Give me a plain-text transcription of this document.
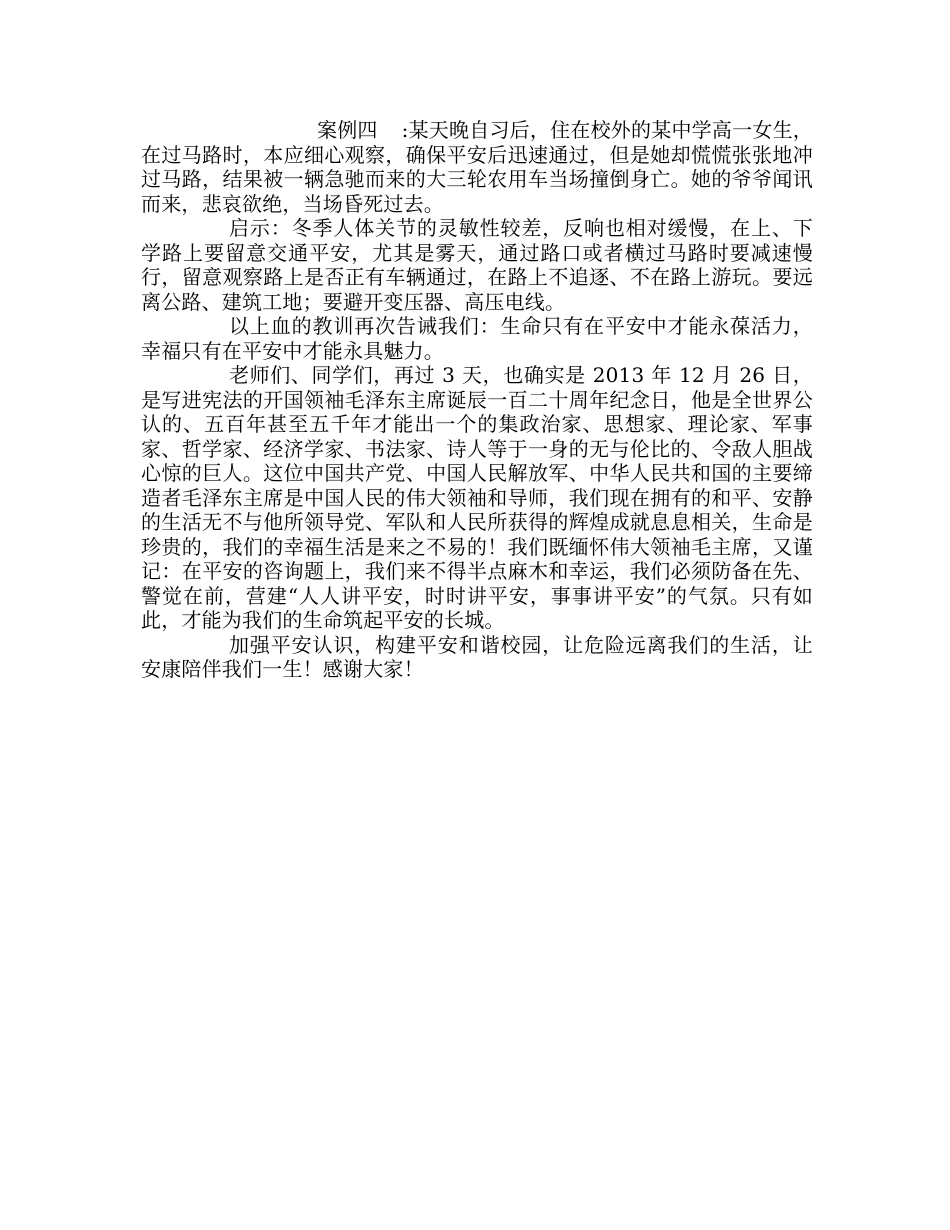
案例四 :某天晚自习后，住在校外的某中学高一女生，在过马路时，本应细心观察，确保平安后迅速通过，但是她却慌慌张张地冲过马路，结果被一辆急驰而来的大三轮农用车当场撞倒身亡。她的爷爷闻讯而来，悲哀欲绝，当场昏死过去。

启示：冬季人体关节的灵敏性较差，反响也相对缓慢，在上、下学路上要留意交通平安，尤其是雾天，通过路口或者横过马路时要减速慢行，留意观察路上是否正有车辆通过，在路上不追逐、不在路上游玩。要远离公路、建筑工地；要避开变压器、高压电线。

以上血的教训再次告诫我们：生命只有在平安中才能永葆活力，幸福只有在平安中才能永具魅力。

老师们、同学们，再过 3 天，也确实是 2013 年 12 月 26 日，是写进宪法的开国领袖毛泽东主席诞辰一百二十周年纪念日，他是全世界公认的、五百年甚至五千年才能出一个的集政治家、思想家、理论家、军事家、哲学家、经济学家、书法家、诗人等于一身的无与伦比的、令敌人胆战心惊的巨人。这位中国共产党、中国人民解放军、中华人民共和国的主要缔造者毛泽东主席是中国人民的伟大领袖和导师，我们现在拥有的和平、安静的生活无不与他所领导党、军队和人民所获得的辉煌成就息息相关，生命是珍贵的，我们的幸福生活是来之不易的！我们既缅怀伟大领袖毛主席，又谨记：在平安的咨询题上，我们来不得半点麻木和幸运，我们必须防备在先、警觉在前，营建“人人讲平安，时时讲平安，事事讲平安”的气氛。只有如此，才能为我们的生命筑起平安的长城。

加强平安认识，构建平安和谐校园，让危险远离我们的生活，让安康陪伴我们一生！感谢大家！
